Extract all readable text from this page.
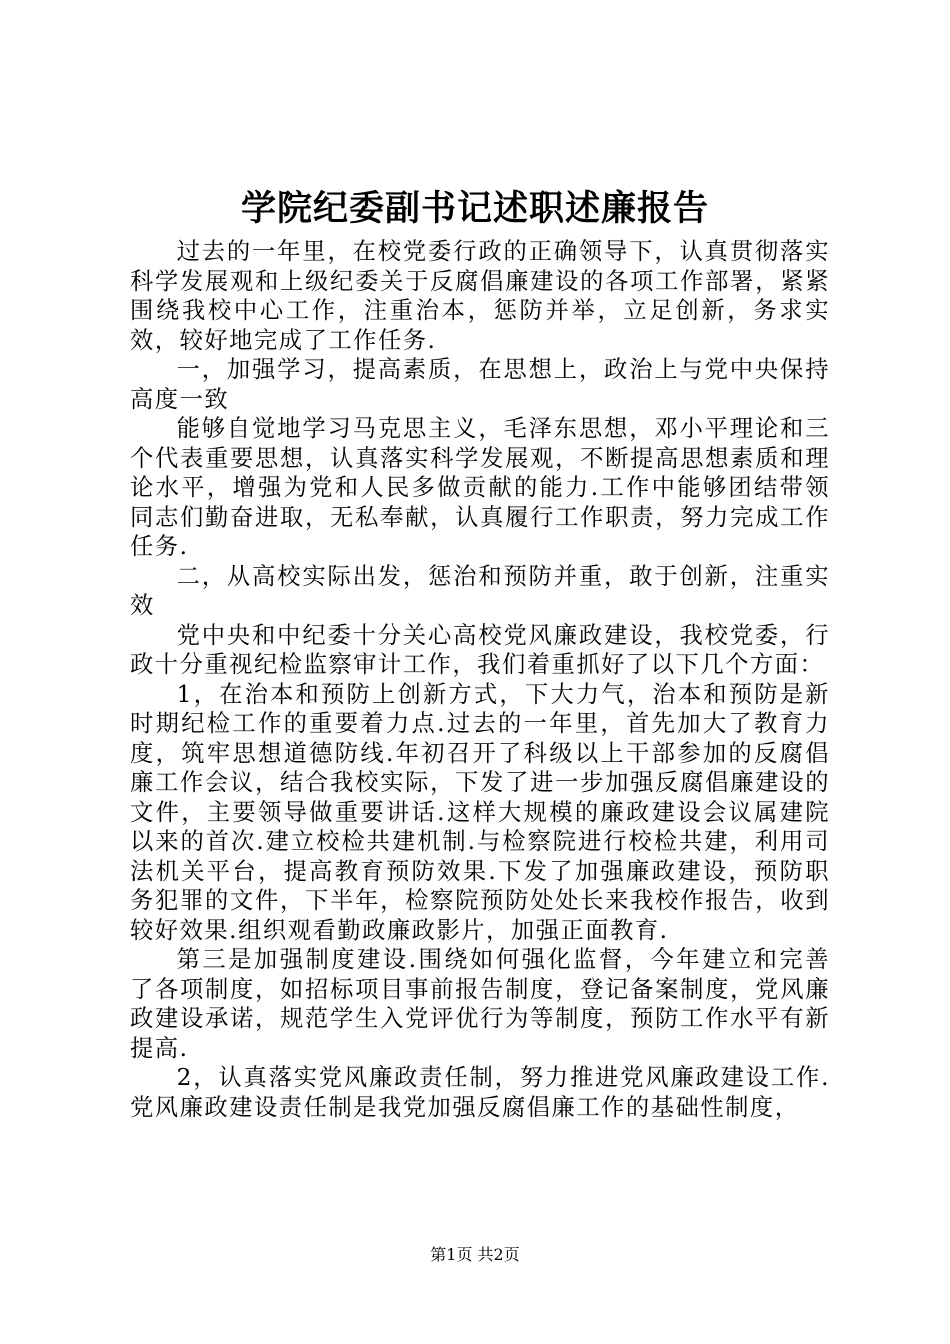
学院纪委副书记述职述廉报告

过去的一年里，在校党委行政的正确领导下，认真贯彻落实科学发展观和上级纪委关于反腐倡廉建设的各项工作部署，紧紧围绕我校中心工作，注重治本，惩防并举，立足创新，务求实效，较好地完成了工作任务.

一，加强学习，提高素质，在思想上，政治上与党中央保持高度一致

能够自觉地学习马克思主义，毛泽东思想，邓小平理论和三个代表重要思想，认真落实科学发展观，不断提高思想素质和理论水平，增强为党和人民多做贡献的能力.工作中能够团结带领同志们勤奋进取，无私奉献，认真履行工作职责，努力完成工作任务.

二，从高校实际出发，惩治和预防并重，敢于创新，注重实效

党中央和中纪委十分关心高校党风廉政建设，我校党委，行政十分重视纪检监察审计工作，我们着重抓好了以下几个方面：

1，在治本和预防上创新方式，下大力气，治本和预防是新时期纪检工作的重要着力点.过去的一年里，首先加大了教育力度，筑牢思想道德防线.年初召开了科级以上干部参加的反腐倡廉工作会议，结合我校实际，下发了进一步加强反腐倡廉建设的文件，主要领导做重要讲话.这样大规模的廉政建设会议属建院以来的首次.建立校检共建机制.与检察院进行校检共建，利用司法机关平台，提高教育预防效果.下发了加强廉政建设，预防职务犯罪的文件，下半年，检察院预防处处长来我校作报告，收到较好效果.组织观看勤政廉政影片，加强正面教育.

第三是加强制度建设.围绕如何强化监督，今年建立和完善了各项制度，如招标项目事前报告制度，登记备案制度，党风廉政建设承诺，规范学生入党评优行为等制度，预防工作水平有新提高.

2，认真落实党风廉政责任制，努力推进党风廉政建设工作.党风廉政建设责任制是我党加强反腐倡廉工作的基础性制度，

第1页 共2页
